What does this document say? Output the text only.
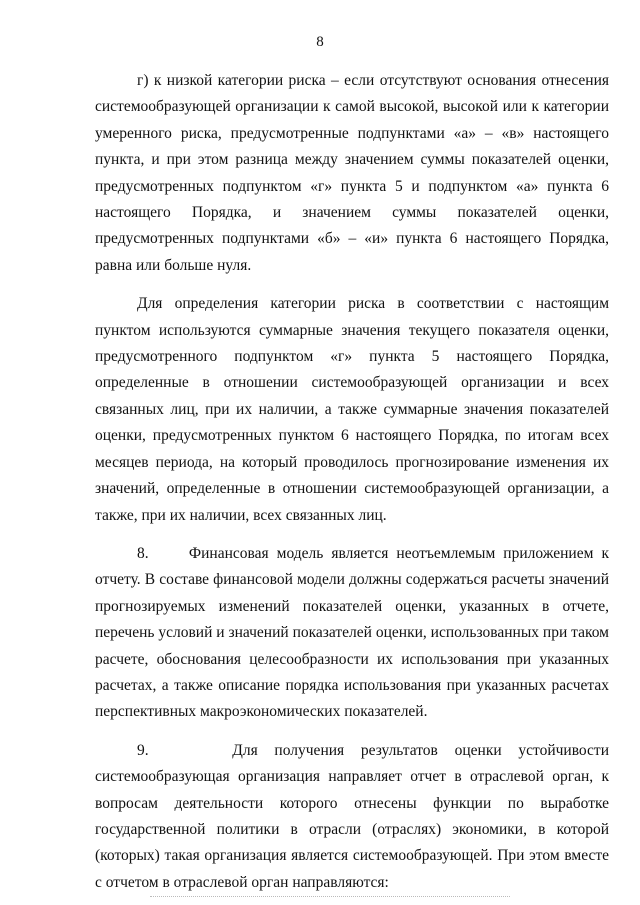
8

г) к низкой категории риска – если отсутствуют основания отнесения системообразующей организации к самой высокой, высокой или к категории умеренного риска, предусмотренные подпунктами «а» – «в» настоящего пункта, и при этом разница между значением суммы показателей оценки, предусмотренных подпунктом «г» пункта 5 и подпунктом «а» пункта 6 настоящего Порядка, и значением суммы показателей оценки, предусмотренных подпунктами «б» – «и» пункта 6 настоящего Порядка, равна или больше нуля.

Для определения категории риска в соответствии с настоящим пунктом используются суммарные значения текущего показателя оценки, предусмотренного подпунктом «г» пункта 5 настоящего Порядка, определенные в отношении системообразующей организации и всех связанных лиц, при их наличии, а также суммарные значения показателей оценки, предусмотренных пунктом 6 настоящего Порядка, по итогам всех месяцев периода, на который проводилось прогнозирование изменения их значений, определенные в отношении системообразующей организации, а также, при их наличии, всех связанных лиц.

8.     Финансовая модель является неотъемлемым приложением к отчету. В составе финансовой модели должны содержаться расчеты значений прогнозируемых изменений показателей оценки, указанных в отчете, перечень условий и значений показателей оценки, использованных при таком расчете, обоснования целесообразности их использования при указанных расчетах, а также описание порядка использования при указанных расчетах перспективных макроэкономических показателей.

9.     Для получения результатов оценки устойчивости системообразующая организация направляет отчет в отраслевой орган, к вопросам деятельности которого отнесены функции по выработке государственной политики в отрасли (отраслях) экономики, в которой (которых) такая организация является системообразующей. При этом вместе с отчетом в отраслевой орган направляются:
